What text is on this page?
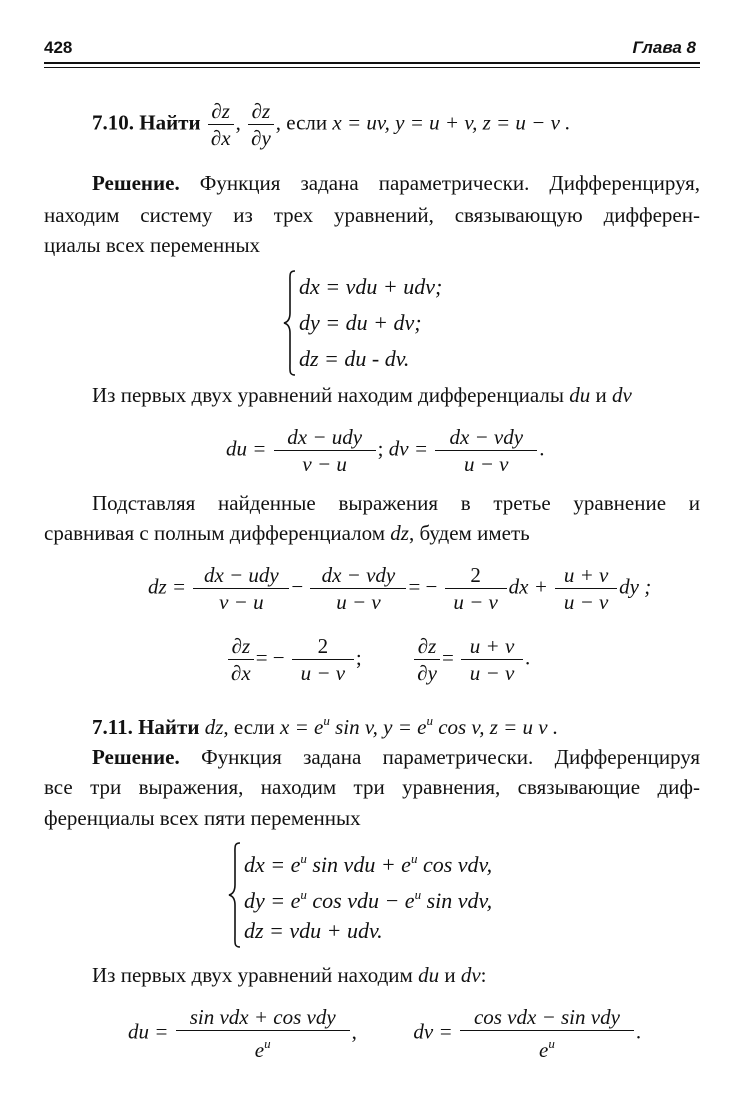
428	Глава 8
7.10. Найти $\frac{\partial z}{\partial x}$ , $\frac{\partial z}{\partial y}$ , если x = uv, y = u + v, z = u − v .
Решение. Функция задана параметрически. Дифференцируя,
находим систему из трех уравнений, связывающую дифферен-
циалы всех переменных
dx = vdu + udv;
dy = du + dv;
dz = du - dv.
Из первых двух уравнений находим дифференциалы du и dv
du = $\frac{\text{dx − udy}}{v - u}$ ; dv = $\frac{\text{dx − vdy}}{u - v}$ .
Подставляя найденные выражения в третье уравнение и
сравнивая с полным дифференциалом dz, будем иметь
dz = $\frac{\text{dx − udy}}{v - u} - \frac{\text{dx − vdy}}{u - v}$ = − $\frac{2}{u - v}$ dx + $\frac{u + v}{u - v}$ dy ;
$\frac{\partial z}{\partial x}$ = − $\frac{2}{u - v}$ ;	$\frac{\partial z}{\partial y} = \frac{u + v}{u - v}$ .
7.11. Найти dz, если $x = e^u$ sin v, $y = e^u$ cos v, z = u v .
Решение. Функция задана параметрически. Дифференцируя
все три выражения, находим три уравнения, связывающие диф-
ференциалы всех пяти переменных
dx = $e^u$ sin vdu + $e^u$ cos vdv,
dy = $e^u$ cos vdu − $e^u$ sin vdv,
dz = vdu + udv.
Из первых двух уравнений находим du и dv:
du = $\frac{\text{sin vdx + cos vdy}}{e^u}$ ,	dv = $\frac{\text{cos vdx − sin vdy}}{e^u}$ .
